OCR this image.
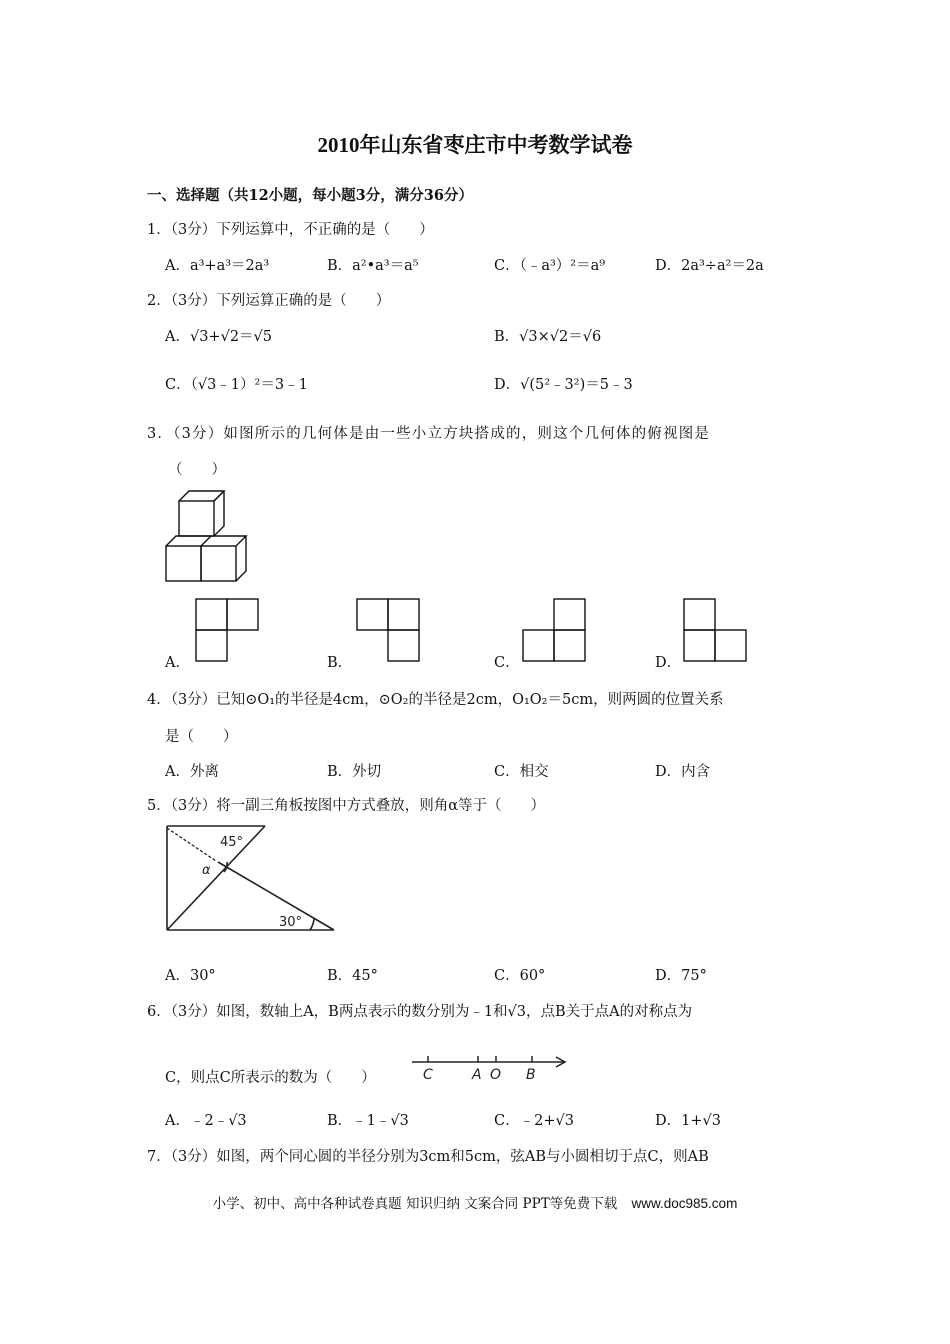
2010年山东省枣庄市中考数学试卷
一、选择题（共12小题，每小题3分，满分36分）
1．（3分）下列运算中，不正确的是（　　）
A．a³+a³＝2a³	B．a²•a³＝a⁵	C．（﹣a³）²＝a⁹	D．2a³÷a²＝2a
2．（3分）下列运算正确的是（　　）
A．√3+√2＝√5	B．√3×√2＝√6
C．（√3﹣1）²＝3﹣1	D．√(5²﹣3²)＝5﹣3
3．（3分）如图所示的几何体是由一些小立方块搭成的，则这个几何体的俯视图是
（　　）
A．	B．	C．	D．
4．（3分）已知⊙O₁的半径是4cm，⊙O₂的半径是2cm，O₁O₂＝5cm，则两圆的位置关系
是（　　）
A．外离	B．外切	C．相交	D．内含
5．（3分）将一副三角板按图中方式叠放，则角α等于（　　）
45°
α
30°
A．30°	B．45°	C．60°	D．75°
6．（3分）如图，数轴上A，B两点表示的数分别为﹣1和√3，点B关于点A的对称点为
C，则点C所表示的数为（　　）	C	A O B
A．﹣2﹣√3	B．﹣1﹣√3	C．﹣2+√3	D．1+√3
7．（3分）如图，两个同心圆的半径分别为3cm和5cm，弦AB与小圆相切于点C，则AB
小学、初中、高中各种试卷真题 知识归纳 文案合同 PPT等免费下载 www.doc985.com
